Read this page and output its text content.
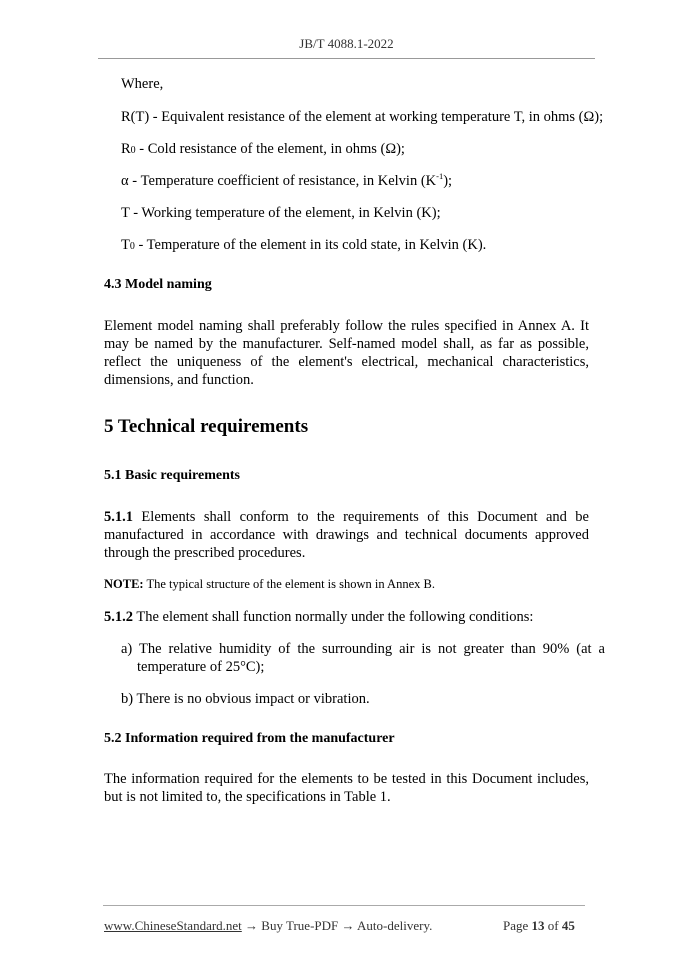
JB/T 4088.1-2022
Where,
R(T) - Equivalent resistance of the element at working temperature T, in ohms (Ω);
R0 - Cold resistance of the element, in ohms (Ω);
α - Temperature coefficient of resistance, in Kelvin $(K^{-1})$;
T - Working temperature of the element, in Kelvin (K);
T0 - Temperature of the element in its cold state, in Kelvin (K).
4.3 Model naming
Element model naming shall preferably follow the rules specified in Annex A. It may be named by the manufacturer. Self-named model shall, as far as possible, reflect the uniqueness of the element's electrical, mechanical characteristics, dimensions, and function.
5 Technical requirements
5.1 Basic requirements
5.1.1 Elements shall conform to the requirements of this Document and be manufactured in accordance with drawings and technical documents approved through the prescribed procedures.
NOTE: The typical structure of the element is shown in Annex B.
5.1.2 The element shall function normally under the following conditions:
a) The relative humidity of the surrounding air is not greater than 90% (at a temperature of 25°C);
b) There is no obvious impact or vibration.
5.2 Information required from the manufacturer
The information required for the elements to be tested in this Document includes, but is not limited to, the specifications in Table 1.
www.ChineseStandard.net → Buy True-PDF → Auto-delivery.	Page 13 of 45
